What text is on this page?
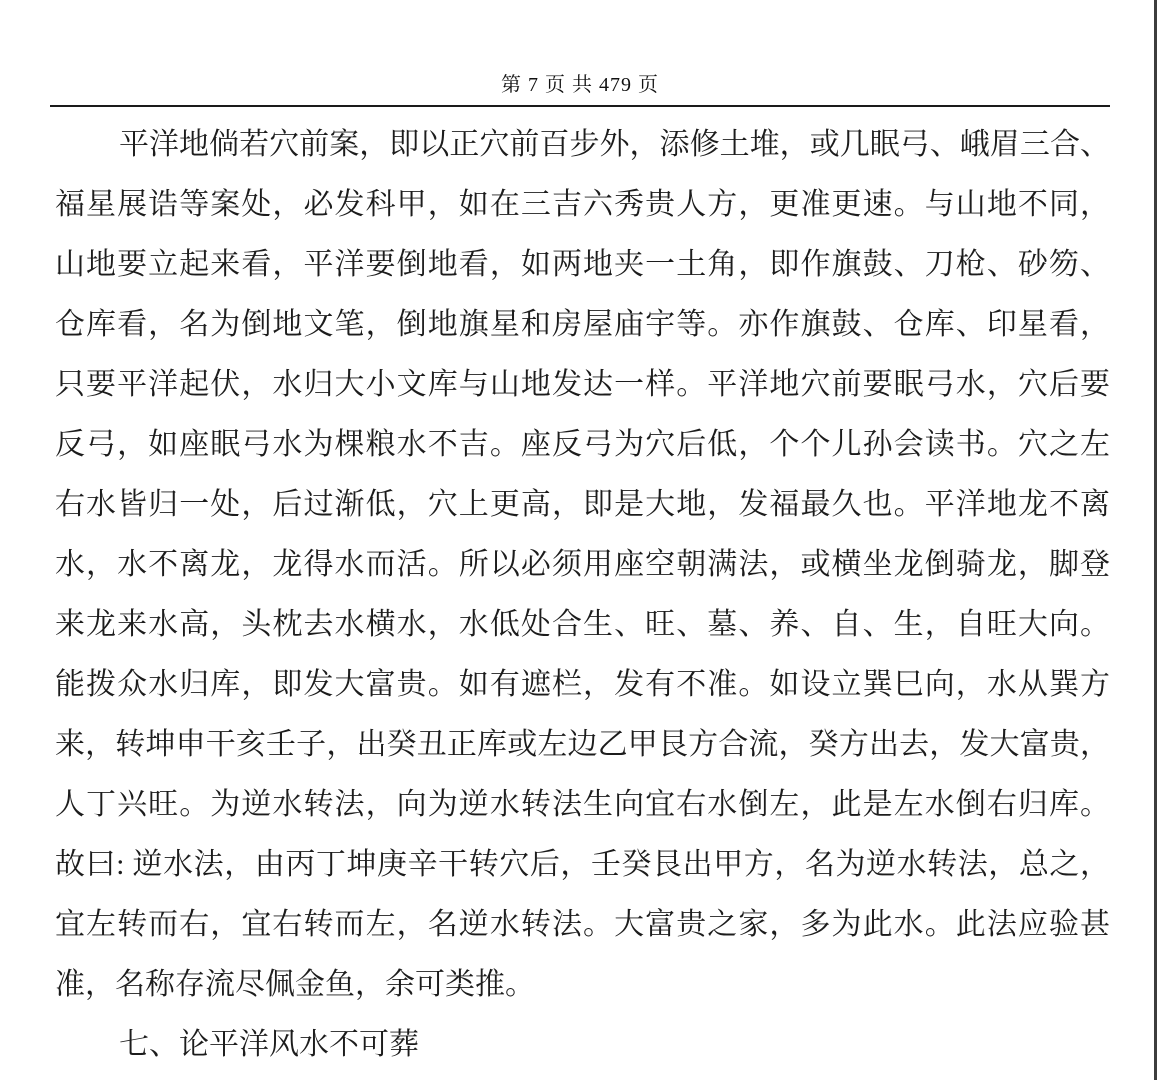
第 7 页 共 479 页
平洋地倘若穴前案，即以正穴前百步外，添修土堆，或几眠弓、峨眉三合、
福星展诰等案处，必发科甲，如在三吉六秀贵人方，更准更速。与山地不同，
山地要立起来看，平洋要倒地看，如两地夹一土角，即作旗鼓、刀枪、砂笏、
仓库看，名为倒地文笔，倒地旗星和房屋庙宇等。亦作旗鼓、仓库、印星看，
只要平洋起伏，水归大小文库与山地发达一样。平洋地穴前要眠弓水，穴后要
反弓，如座眠弓水为棵粮水不吉。座反弓为穴后低，个个儿孙会读书。穴之左
右水皆归一处，后过渐低，穴上更高，即是大地，发福最久也。平洋地龙不离
水，水不离龙，龙得水而活。所以必须用座空朝满法，或横坐龙倒骑龙，脚登
来龙来水高，头枕去水横水，水低处合生、旺、墓、养、自、生，自旺大向。
能拨众水归库，即发大富贵。如有遮栏，发有不准。如设立巽巳向，水从巽方
来，转坤申干亥壬子，出癸丑正库或左边乙甲艮方合流，癸方出去，发大富贵，
人丁兴旺。为逆水转法，向为逆水转法生向宜右水倒左，此是左水倒右归库。
故曰: 逆水法，由丙丁坤庚辛干转穴后，壬癸艮出甲方，名为逆水转法，总之，
宜左转而右，宜右转而左，名逆水转法。大富贵之家，多为此水。此法应验甚
准，名称存流尽佩金鱼，余可类推。
七、论平洋风水不可葬
